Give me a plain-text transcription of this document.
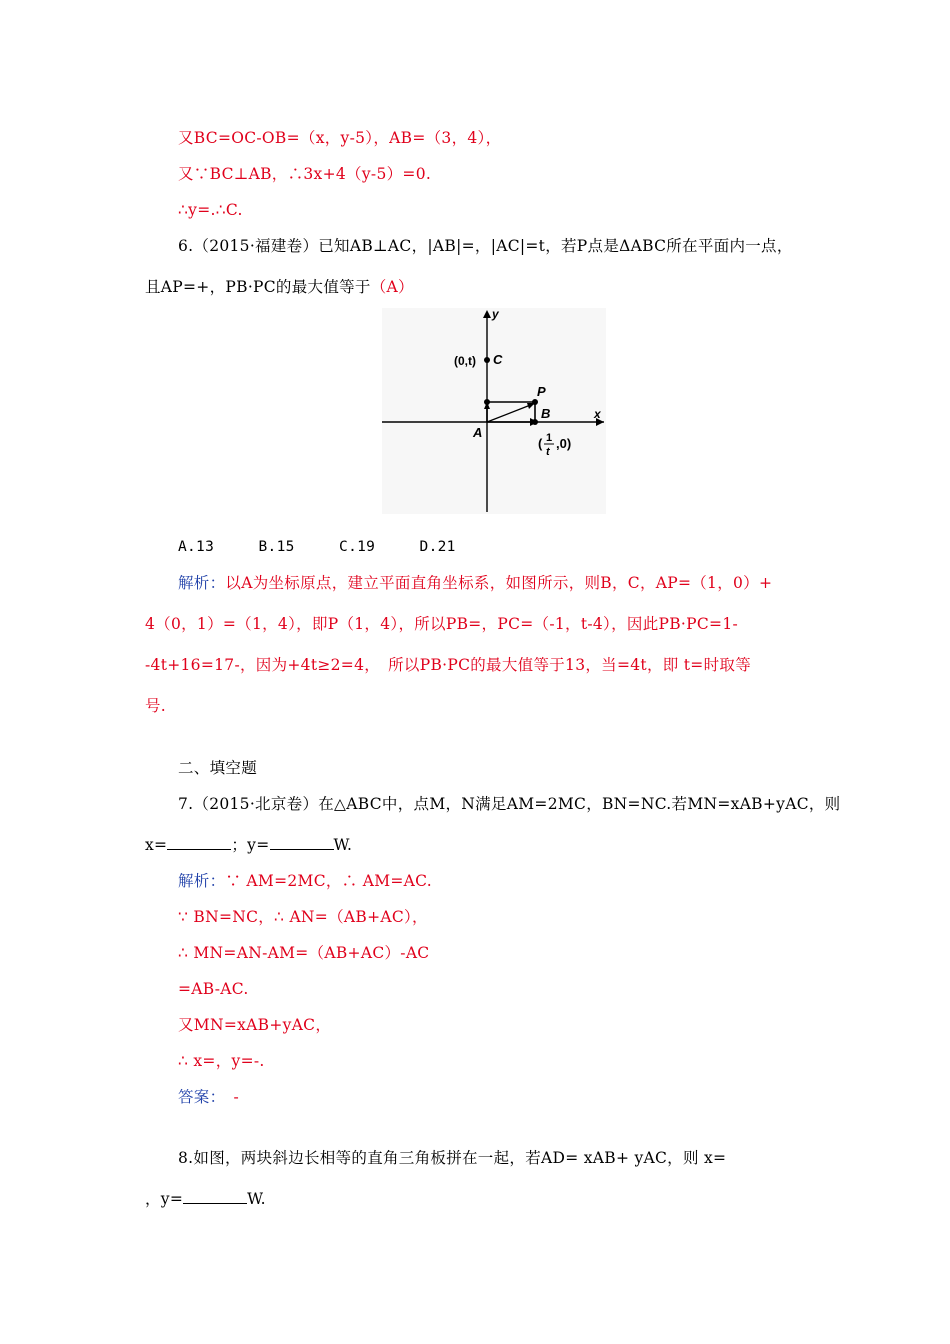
又BC=OC-OB=（x，y-5），AB=（3，4），
又∵BC⊥AB，∴3x+4（y-5）=0.
∴y=.∴C.
6.（2015·福建卷）已知AB⊥AC，|AB|=，|AC|=t，若P点是ΔABC所在平面内一点，
且AP=+，PB·PC的最大值等于（A）
y
x
(0,t) C
P
B
A
( 1
t
,0)
A.13　　　B.15　　　C.19　　　D.21
解析：以A为坐标原点，建立平面直角坐标系，如图所示，则B，C，AP=（1，0）+
4（0，1）=（1，4），即P（1，4），所以PB=，PC=（-1，t-4），因此PB·PC=1-
-4t+16=17-，因为+4t≥2=4，　所以PB·PC的最大值等于13，当=4t，即 t=时取等
号.
二、填空题
7.（2015·北京卷）在△ABC中，点M，N满足AM=2MC，BN=NC.若MN=xAB+yAC，则
x=	；y=	W.
解析：∵ AM=2MC，∴ AM=AC.
∵ BN=NC，∴ AN=（AB+AC），
∴ MN=AN-AM=（AB+AC）-AC
=AB-AC.
又MN=xAB+yAC，
∴ x=，y=-.
答案：　-
8.如图，两块斜边长相等的直角三角板拼在一起，若AD= xAB+ yAC，则 x=
，y=	W.
